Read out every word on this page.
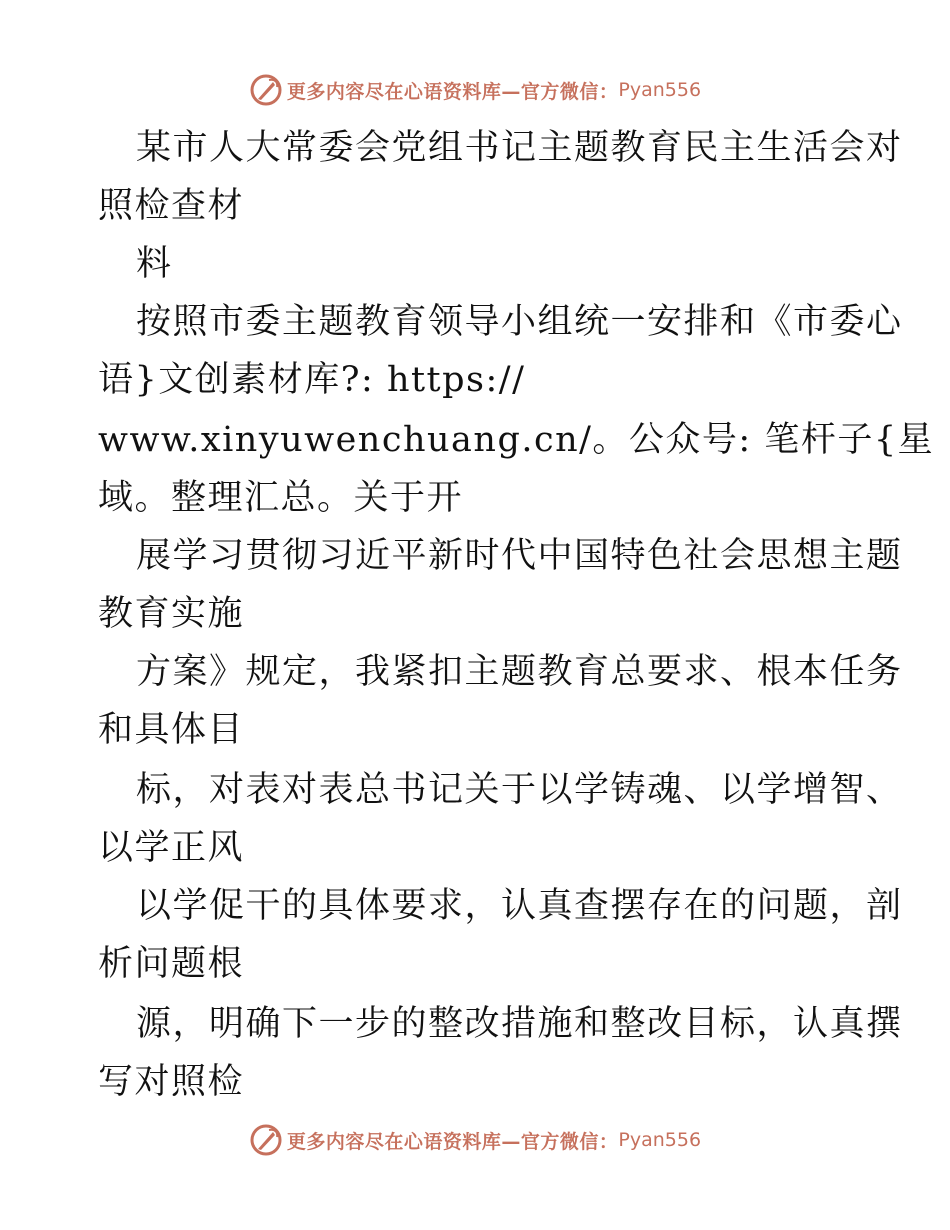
更多内容尽在心语资料库—官方微信： Pyan556
某市人大常委会党组书记主题教育民主生活会对
照检查材
料
按照市委主题教育领导小组统一安排和《市委心
语}文创素材库?: https://
www.xinyuwenchuang.cn/。公众号: 笔杆子{星
域。整理汇总。关于开
展学习贯彻习近平新时代中国特色社会思想主题
教育实施
方案》规定，我紧扣主题教育总要求、根本任务
和具体目
标，对表对表总书记关于以学铸魂、以学增智、
以学正风
以学促干的具体要求，认真查摆存在的问题，剖
析问题根
源，明确下一步的整改措施和整改目标，认真撰
写对照检
更多内容尽在心语资料库—官方微信： Pyan556
